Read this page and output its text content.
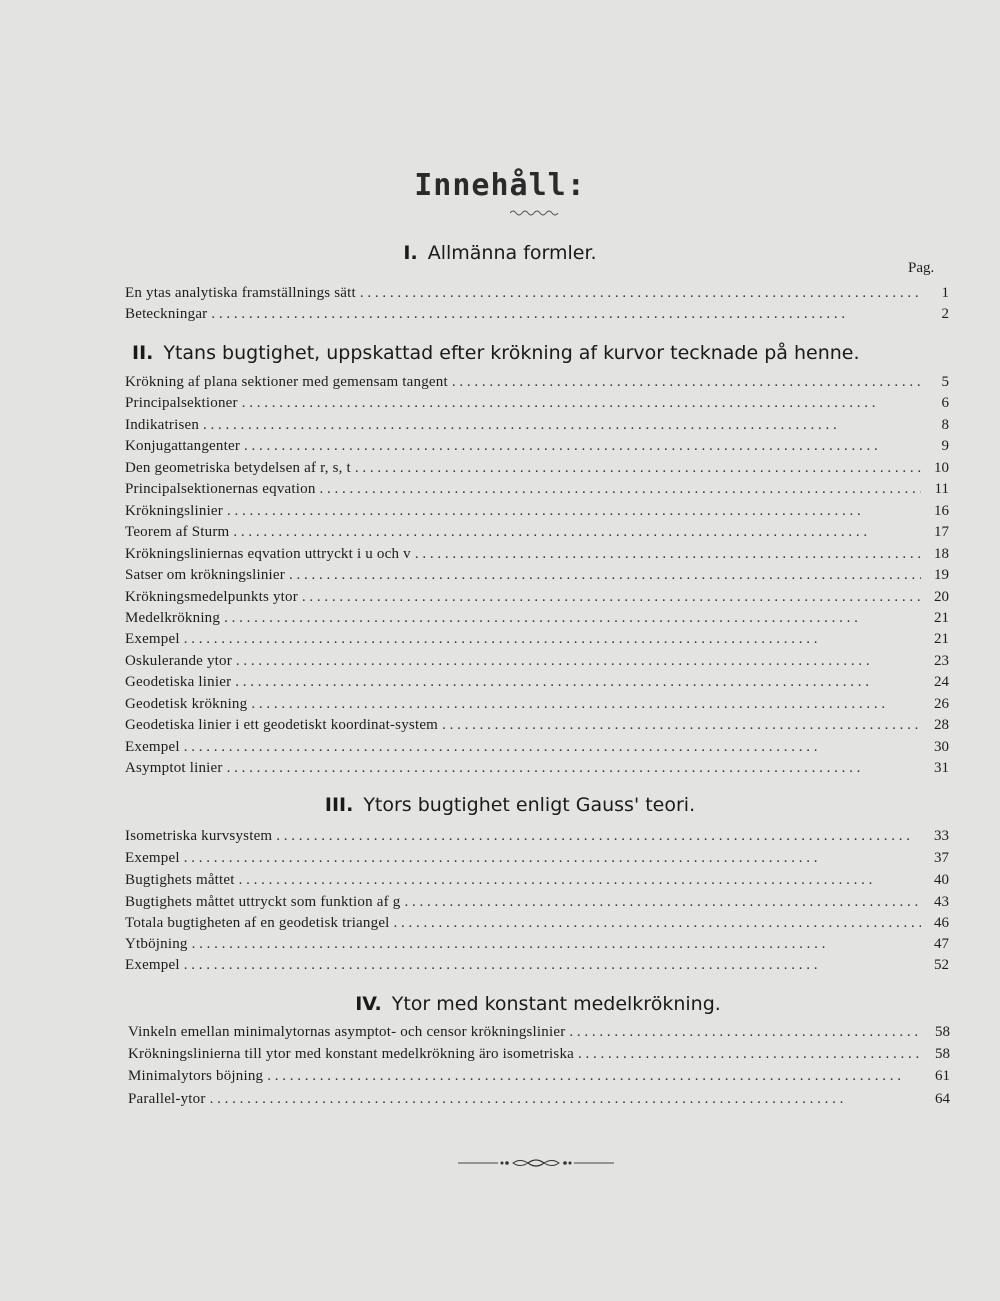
Innehåll:
I. Allmänna formler.
Pag.
En ytas analytiska framställnings sätt . . .	1
Beteckningar . . .	2
II. Ytans bugtighet, uppskattad efter krökning af kurvor tecknade på henne.
Krökning af plana sektioner med gemensam tangent . . .	5
Principalsektioner . . .	6
Indikatrisen . . .	8
Konjugattangenter . . .	9
Den geometriska betydelsen af r, s, t . . .	10
Principalsektionernas eqvation . . .	11
Krökningslinier . . .	16
Teorem af Sturm . . .	17
Krökningsliniernas eqvation uttryckt i u och v . . .	18
Satser om krökningslinier . . .	19
Krökningsmedelpunkts ytor . . .	20
Medelkrökning . . .	21
Exempel . . .	21
Oskulerande ytor . . .	23
Geodetiska linier . . .	24
Geodetisk krökning . . .	26
Geodetiska linier i ett geodetiskt koordinat-system . . .	28
Exempel . . .	30
Asymptot linier . . .	31
III. Ytors bugtighet enligt Gauss' teori.
Isometriska kurvsystem . . .	33
Exempel . . .	37
Bugtighets måttet . . .	40
Bugtighets måttet uttryckt som funktion af g . . .	43
Totala bugtigheten af en geodetisk triangel . . .	46
Ytböjning . . .	47
Exempel . . .	52
IV. Ytor med konstant medelkrökning.
Vinkeln emellan minimalytornas asymptot- och censor krökningslinier . . .	58
Krökningslinierna till ytor med konstant medelkrökning äro isometriska . . .	58
Minimalytors böjning . . .	61
Parallel-ytor . . .	64
